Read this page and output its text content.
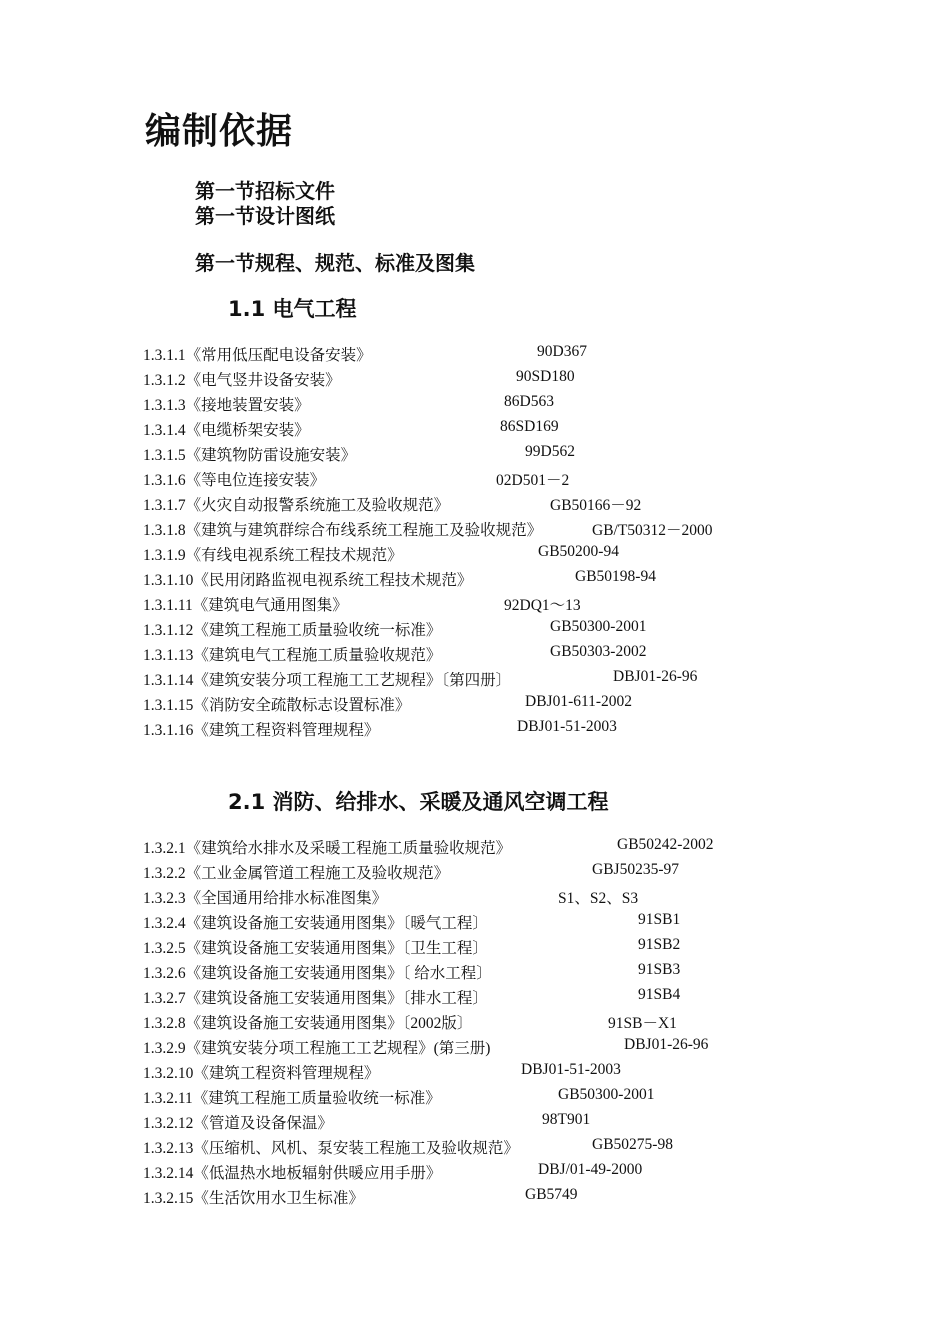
编制依据
第一节招标文件
第一节设计图纸
第一节规程、规范、标准及图集
1.1 电气工程
1.3.1.1《常用低压配电设备安装》	90D367
1.3.1.2《电气竖井设备安装》	90SD180
1.3.1.3《接地装置安装》	86D563
1.3.1.4《电缆桥架安装》	86SD169
1.3.1.5《建筑物防雷设施安装》	99D562
1.3.1.6《等电位连接安装》	02D501－2
1.3.1.7《火灾自动报警系统施工及验收规范》	GB50166－92
1.3.1.8《建筑与建筑群综合布线系统工程施工及验收规范》	GB/T50312－2000
1.3.1.9《有线电视系统工程技术规范》	GB50200-94
1.3.1.10《民用闭路监视电视系统工程技术规范》	GB50198-94
1.3.1.11《建筑电气通用图集》	92DQ1～13
1.3.1.12《建筑工程施工质量验收统一标准》	GB50300-2001
1.3.1.13《建筑电气工程施工质量验收规范》	GB50303-2002
1.3.1.14《建筑安装分项工程施工工艺规程》〔第四册〕	DBJ01-26-96
1.3.1.15《消防安全疏散标志设置标准》	DBJ01-611-2002
1.3.1.16《建筑工程资料管理规程》	DBJ01-51-2003
2.1 消防、给排水、采暖及通风空调工程
1.3.2.1《建筑给水排水及采暖工程施工质量验收规范》	GB50242-2002
1.3.2.2《工业金属管道工程施工及验收规范》	GBJ50235-97
1.3.2.3《全国通用给排水标准图集》	S1、S2、S3
1.3.2.4《建筑设备施工安装通用图集》〔暖气工程〕	91SB1
1.3.2.5《建筑设备施工安装通用图集》〔卫生工程〕	91SB2
1.3.2.6《建筑设备施工安装通用图集》〔 给水工程〕	91SB3
1.3.2.7《建筑设备施工安装通用图集》〔排水工程〕	91SB4
1.3.2.8《建筑设备施工安装通用图集》〔2002版〕	91SB－X1
1.3.2.9《建筑安装分项工程施工工艺规程》(第三册)	DBJ01-26-96
1.3.2.10《建筑工程资料管理规程》	DBJ01-51-2003
1.3.2.11《建筑工程施工质量验收统一标准》	GB50300-2001
1.3.2.12《管道及设备保温》	98T901
1.3.2.13《压缩机、风机、泵安装工程施工及验收规范》	GB50275-98
1.3.2.14《低温热水地板辐射供暖应用手册》	DBJ/01-49-2000
1.3.2.15《生活饮用水卫生标准》	GB5749
